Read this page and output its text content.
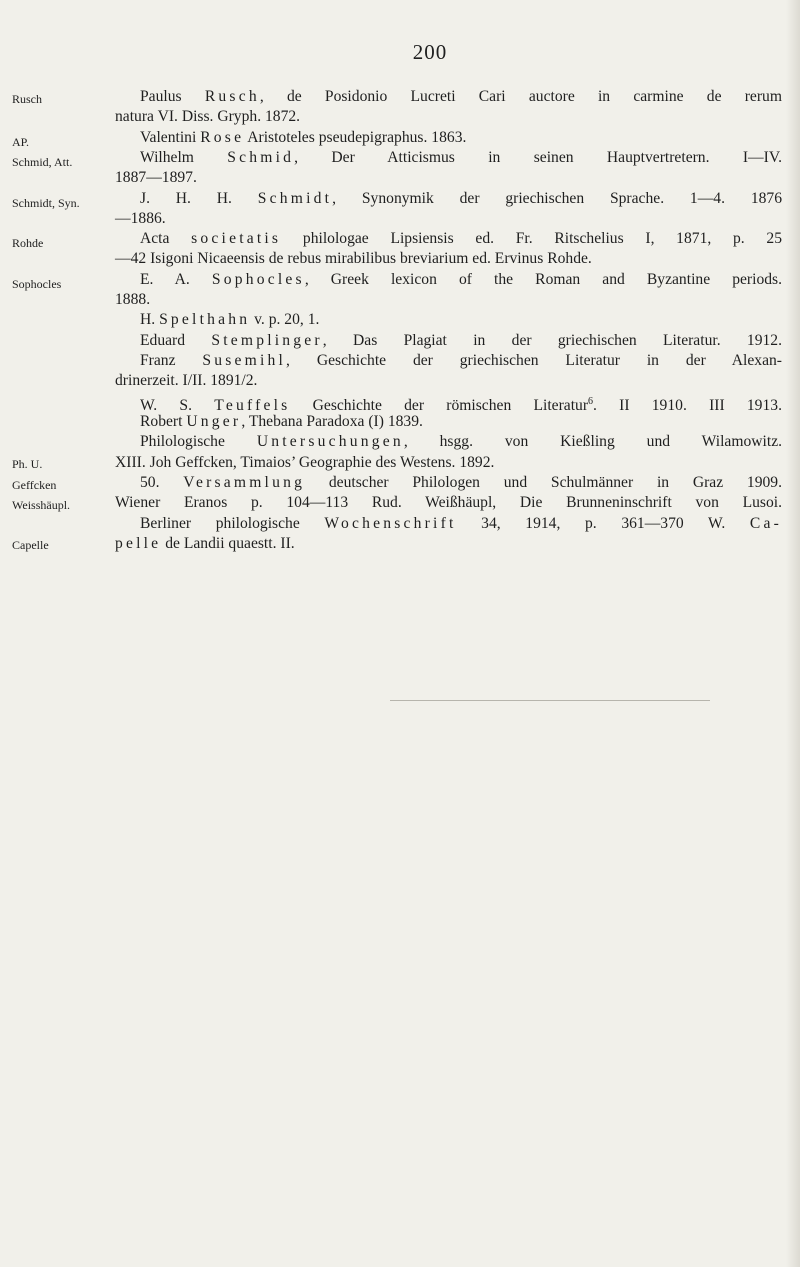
200
Rusch
AP.
Schmid, Att.
Schmidt, Syn.
Rohde
Sophocles
Ph. U.
Geffcken
Weisshäupl.
Capelle
Paulus Rusch, de Posidonio Lucreti Cari auctore in carmine de rerum
natura VI. Diss. Gryph. 1872.
Valentini Rose Aristoteles pseudepigraphus. 1863.
Wilhelm Schmid, Der Atticismus in seinen Hauptvertretern. I—IV.
1887—1897.
J. H. H. Schmidt, Synonymik der griechischen Sprache. 1—4. 1876
—1886.
Acta societatis philologae Lipsiensis ed. Fr. Ritschelius I, 1871, p. 25
—42 Isigoni Nicaeensis de rebus mirabilibus breviarium ed. Ervinus Rohde.
E. A. Sophocles, Greek lexicon of the Roman and Byzantine periods.
1888.
H. Spelthahn v. p. 20, 1.
Eduard Stemplinger, Das Plagiat in der griechischen Literatur. 1912.
Franz Susemihl, Geschichte der griechischen Literatur in der Alexan-
drinerzeit. I/II. 1891/2.
W. S. Teuffels Geschichte der römischen Literatur$^6$. II 1910. III 1913.
Robert Unger, Thebana Paradoxa (I) 1839.
Philologische Untersuchungen, hsgg. von Kießling und Wilamowitz.
XIII. Joh Geffcken, Timaios’ Geographie des Westens. 1892.
50. Versammlung deutscher Philologen und Schulmänner in Graz 1909.
Wiener Eranos p. 104—113 Rud. Weißhäupl, Die Brunneninschrift von Lusoi.
Berliner philologische Wochenschrift 34, 1914, p. 361—370 W. Ca-
pelle de Landii quaestt. II.
